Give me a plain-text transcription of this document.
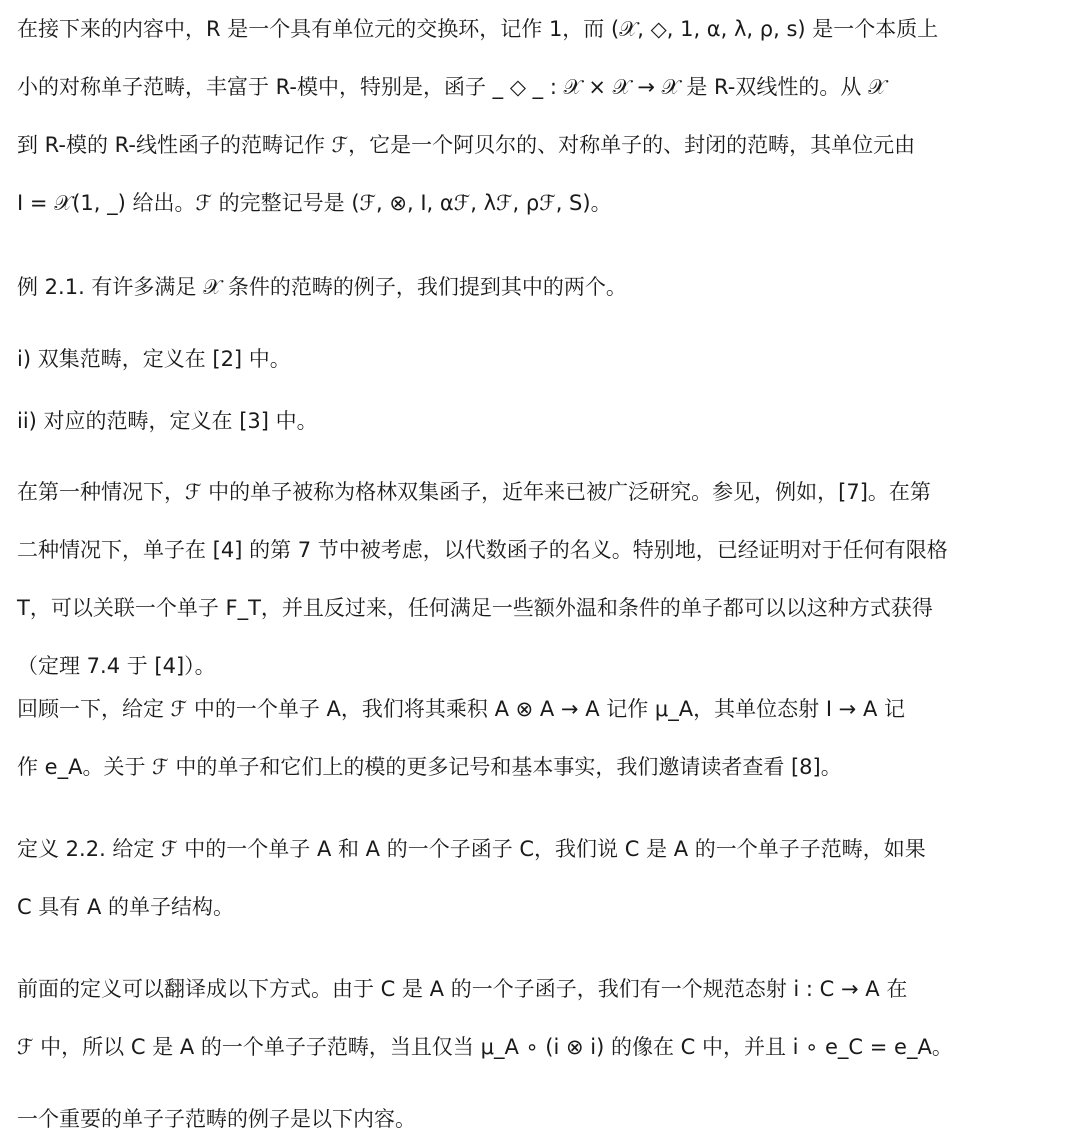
在接下来的内容中，R 是一个具有单位元的交换环，记作 1，而 (𝒳, ◇, 1, α, λ, ρ, s) 是一个本质上
小的对称单子范畴，丰富于 R-模中，特别是，函子 _ ◇ _ : 𝒳 × 𝒳 → 𝒳 是 R-双线性的。从 𝒳
到 R-模的 R-线性函子的范畴记作 ℱ，它是一个阿贝尔的、对称单子的、封闭的范畴，其单位元由
I = 𝒳(1, _) 给出。ℱ 的完整记号是 (ℱ, ⊗, I, αℱ, λℱ, ρℱ, S)。
例 2.1. 有许多满足 𝒳 条件的范畴的例子，我们提到其中的两个。
i) 双集范畴，定义在 [2] 中。
ii) 对应的范畴，定义在 [3] 中。
在第一种情况下，ℱ 中的单子被称为格林双集函子，近年来已被广泛研究。参见，例如，[7]。在第
二种情况下，单子在 [4] 的第 7 节中被考虑，以代数函子的名义。特别地，已经证明对于任何有限格
T，可以关联一个单子 F_T，并且反过来，任何满足一些额外温和条件的单子都可以以这种方式获得
（定理 7.4 于 [4]）。
回顾一下，给定 ℱ 中的一个单子 A，我们将其乘积 A ⊗ A → A 记作 μ_A，其单位态射 I → A 记
作 e_A。关于 ℱ 中的单子和它们上的模的更多记号和基本事实，我们邀请读者查看 [8]。
定义 2.2. 给定 ℱ 中的一个单子 A 和 A 的一个子函子 C，我们说 C 是 A 的一个单子子范畴，如果
C 具有 A 的单子结构。
前面的定义可以翻译成以下方式。由于 C 是 A 的一个子函子，我们有一个规范态射 i : C → A 在
ℱ 中，所以 C 是 A 的一个单子子范畴，当且仅当 μ_A ∘ (i ⊗ i) 的像在 C 中，并且 i ∘ e_C = e_A。
一个重要的单子子范畴的例子是以下内容。
